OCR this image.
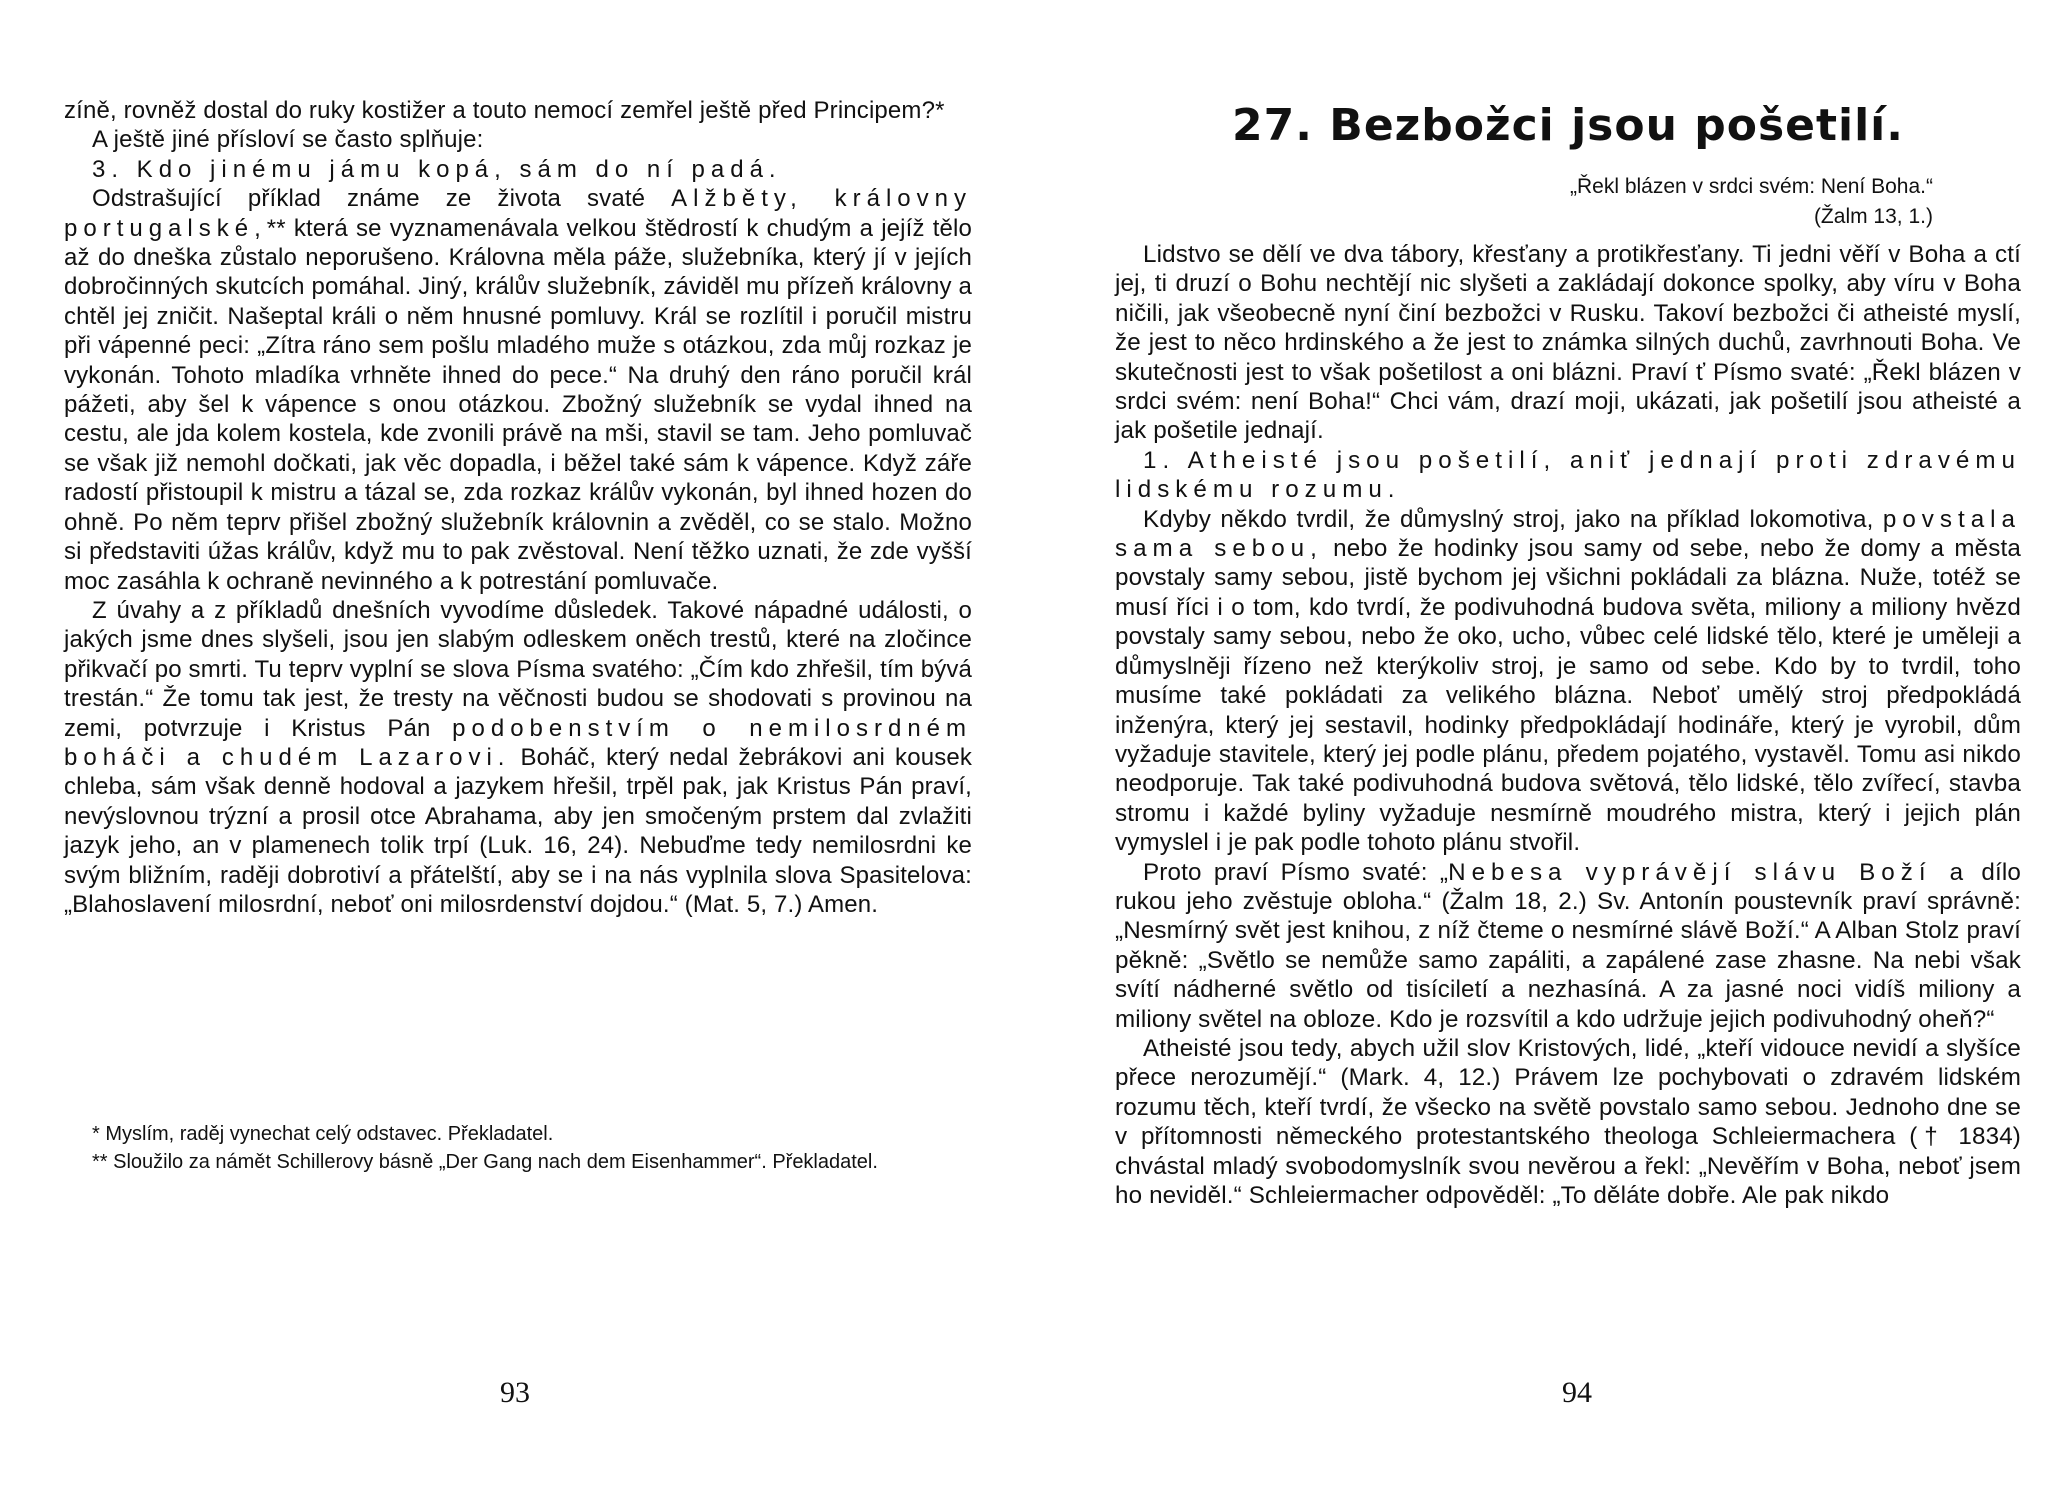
zíně, rovněž dostal do ruky kostižer a touto nemocí zemřel ještě před Principem?*

A ještě jiné přísloví se často splňuje:

3. Kdo jinému jámu kopá, sám do ní padá.

Odstrašující příklad známe ze života svaté Alžběty, královny portugalské,** která se vyznamenávala velkou štědrostí k chudým a jejíž tělo až do dneška zůstalo neporušeno. Královna měla páže, služebníka, který jí v jejích dobročinných skutcích pomáhal. Jiný, králův služebník, záviděl mu přízeň královny a chtěl jej zničit. Našeptal králi o něm hnusné pomluvy. Král se rozlítil i poručil mistru při vápenné peci: „Zítra ráno sem pošlu mladého muže s otázkou, zda můj rozkaz je vykonán. Tohoto mladíka vrhněte ihned do pece.“ Na druhý den ráno poručil král pážeti, aby šel k vápence s onou otázkou. Zbožný služebník se vydal ihned na cestu, ale jda kolem kostela, kde zvonili právě na mši, stavil se tam. Jeho pomluvač se však již nemohl dočkati, jak věc dopadla, i běžel také sám k vápence. Když záře radostí přistoupil k mistru a tázal se, zda rozkaz králův vykonán, byl ihned hozen do ohně. Po něm teprv přišel zbožný služebník královnin a zvěděl, co se stalo. Možno si představiti úžas králův, když mu to pak zvěstoval. Není těžko uznati, že zde vyšší moc zasáhla k ochraně nevinného a k potrestání pomluvače.

Z úvahy a z příkladů dnešních vyvodíme důsledek. Takové nápadné události, o jakých jsme dnes slyšeli, jsou jen slabým odleskem oněch trestů, které na zločince přikvačí po smrti. Tu teprv vyplní se slova Písma svatého: „Čím kdo zhřešil, tím bývá trestán.“ Že tomu tak jest, že tresty na věčnosti budou se shodovati s provinou na zemi, potvrzuje i Kristus Pán podobenstvím o nemilosrdném boháči a chudém Lazarovi. Boháč, který nedal žebrákovi ani kousek chleba, sám však denně hodoval a jazykem hřešil, trpěl pak, jak Kristus Pán praví, nevýslovnou trýzní a prosil otce Abrahama, aby jen smočeným prstem dal zvlažiti jazyk jeho, an v plamenech tolik trpí (Luk. 16, 24). Nebuďme tedy nemilosrdni ke svým bližním, raději dobrotiví a přátelští, aby se i na nás vyplnila slova Spasitelova: „Blahoslavení milosrdní, neboť oni milosrdenství dojdou.“ (Mat. 5, 7.) Amen.

* Myslím, raděj vynechat celý odstavec. Překladatel.

** Sloužilo za námět Schillerovy básně „Der Gang nach dem Eisenhammer“. Překladatel.

93
27. Bezbožci jsou pošetilí.
„Řekl blázen v srdci svém: Není Boha.“
(Žalm 13, 1.)

Lidstvo se dělí ve dva tábory, křesťany a protikřesťany. Ti jedni věří v Boha a ctí jej, ti druzí o Bohu nechtějí nic slyšeti a zakládají dokonce spolky, aby víru v Boha ničili, jak všeobecně nyní činí bezbožci v Rusku. Takoví bezbožci či atheisté myslí, že jest to něco hrdinského a že jest to známka silných duchů, zavrhnouti Boha. Ve skutečnosti jest to však pošetilost a oni blázni. Praví ť Písmo svaté: „Řekl blázen v srdci svém: není Boha!“ Chci vám, drazí moji, ukázati, jak pošetilí jsou atheisté a jak pošetile jednají.

1. Atheisté jsou pošetilí, aniť jednají proti zdravému lidskému rozumu.

Kdyby někdo tvrdil, že důmyslný stroj, jako na příklad lokomotiva, povstala sama sebou, nebo že hodinky jsou samy od sebe, nebo že domy a města povstaly samy sebou, jistě bychom jej všichni pokládali za blázna. Nuže, totéž se musí říci i o tom, kdo tvrdí, že podivuhodná budova světa, miliony a miliony hvězd povstaly samy sebou, nebo že oko, ucho, vůbec celé lidské tělo, které je uměleji a důmyslněji řízeno než kterýkoliv stroj, je samo od sebe. Kdo by to tvrdil, toho musíme také pokládati za velikého blázna. Neboť umělý stroj předpokládá inženýra, který jej sestavil, hodinky předpokládají hodináře, který je vyrobil, dům vyžaduje stavitele, který jej podle plánu, předem pojatého, vystavěl. Tomu asi nikdo neodporuje. Tak také podivuhodná budova světová, tělo lidské, tělo zvířecí, stavba stromu i každé byliny vyžaduje nesmírně moudrého mistra, který i jejich plán vymyslel i je pak podle tohoto plánu stvořil.

Proto praví Písmo svaté: „Nebesa vyprávějí slávu Boží a dílo rukou jeho zvěstuje obloha.“ (Žalm 18, 2.) Sv. Antonín poustevník praví správně: „Nesmírný svět jest knihou, z níž čteme o nesmírné slávě Boží.“ A Alban Stolz praví pěkně: „Světlo se nemůže samo zapáliti, a zapálené zase zhasne. Na nebi však svítí nádherné světlo od tisíciletí a nezhasíná. A za jasné noci vidíš miliony a miliony světel na obloze. Kdo je rozsvítil a kdo udržuje jejich podivuhodný oheň?“

Atheisté jsou tedy, abych užil slov Kristových, lidé, „kteří vidouce nevidí a slyšíce přece nerozumějí.“ (Mark. 4, 12.) Právem lze pochybovati o zdravém lidském rozumu těch, kteří tvrdí, že všecko na světě povstalo samo sebou. Jednoho dne se v přítomnosti německého protestantského theologa Schleiermachera († 1834) chvástal mladý svobodomyslník svou nevěrou a řekl: „Nevěřím v Boha, neboť jsem ho neviděl.“ Schleiermacher odpověděl: „To děláte dobře. Ale pak nikdo

94
